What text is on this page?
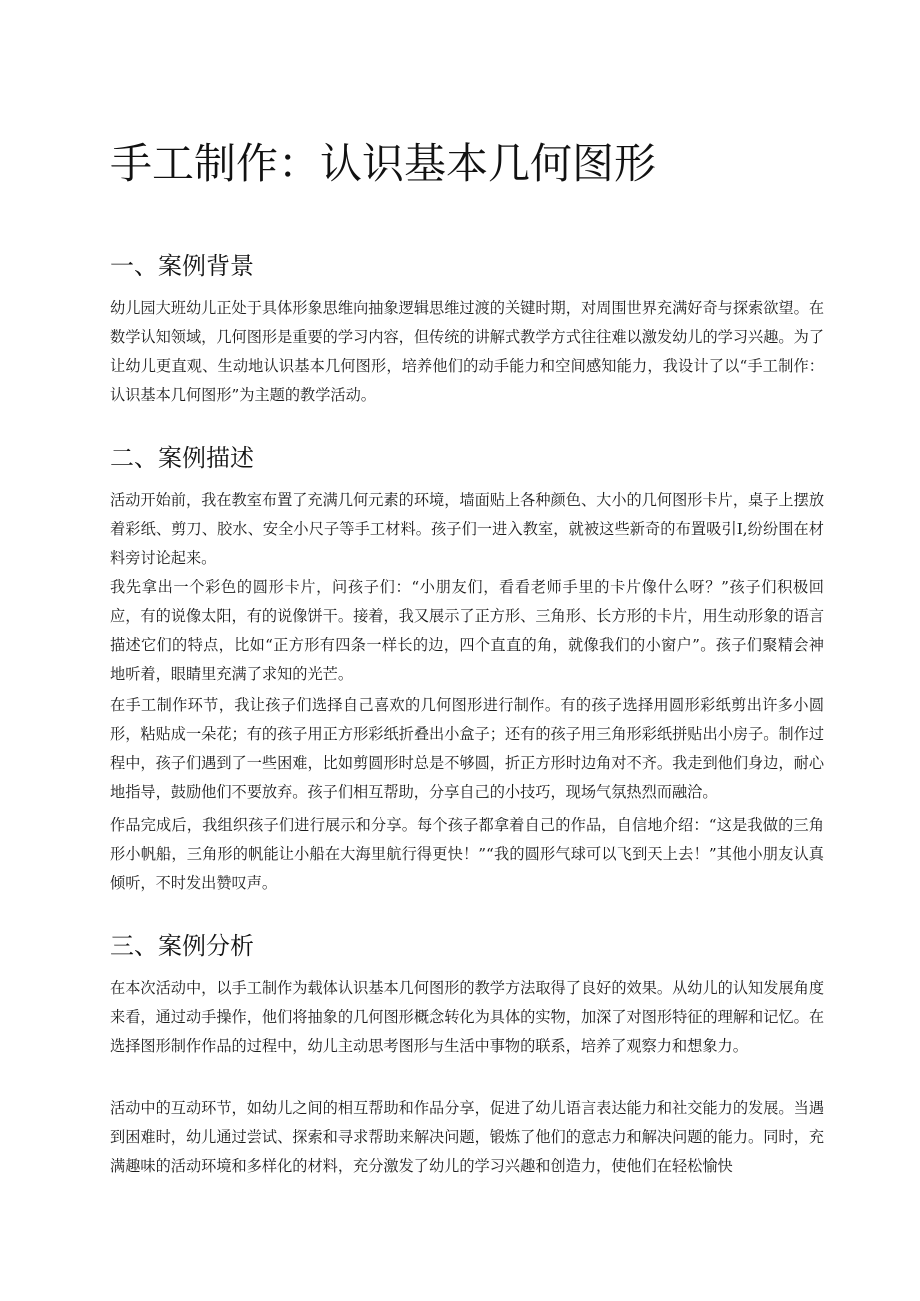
手工制作：认识基本几何图形
一、案例背景

幼儿园大班幼儿正处于具体形象思维向抽象逻辑思维过渡的关键时期，对周围世界充满好奇与探索欲望。在数学认知领域，几何图形是重要的学习内容，但传统的讲解式教学方式往往难以激发幼儿的学习兴趣。为了让幼儿更直观、生动地认识基本几何图形，培养他们的动手能力和空间感知能力，我设计了以“手工制作：认识基本几何图形”为主题的教学活动。

二、案例描述

活动开始前，我在教室布置了充满几何元素的环境，墙面贴上各种颜色、大小的几何图形卡片，桌子上摆放着彩纸、剪刀、胶水、安全小尺子等手工材料。孩子们一进入教室，就被这些新奇的布置吸引I,纷纷围在材料旁讨论起来。

我先拿出一个彩色的圆形卡片，问孩子们：“小朋友们，看看老师手里的卡片像什么呀？”孩子们积极回应，有的说像太阳，有的说像饼干。接着，我又展示了正方形、三角形、长方形的卡片，用生动形象的语言描述它们的特点，比如“正方形有四条一样长的边，四个直直的角，就像我们的小窗户”。孩子们聚精会神地听着，眼睛里充满了求知的光芒。

在手工制作环节，我让孩子们选择自己喜欢的几何图形进行制作。有的孩子选择用圆形彩纸剪出许多小圆形，粘贴成一朵花；有的孩子用正方形彩纸折叠出小盒子；还有的孩子用三角形彩纸拼贴出小房子。制作过程中，孩子们遇到了一些困难，比如剪圆形时总是不够圆，折正方形时边角对不齐。我走到他们身边，耐心地指导，鼓励他们不要放弃。孩子们相互帮助，分享自己的小技巧，现场气氛热烈而融洽。

作品完成后，我组织孩子们进行展示和分享。每个孩子都拿着自己的作品，自信地介绍：“这是我做的三角形小帆船，三角形的帆能让小船在大海里航行得更快！”“我的圆形气球可以飞到天上去！”其他小朋友认真倾听，不时发出赞叹声。

三、案例分析

在本次活动中，以手工制作为载体认识基本几何图形的教学方法取得了良好的效果。从幼儿的认知发展角度来看，通过动手操作，他们将抽象的几何图形概念转化为具体的实物，加深了对图形特征的理解和记忆。在选择图形制作作品的过程中，幼儿主动思考图形与生活中事物的联系，培养了观察力和想象力。

活动中的互动环节，如幼儿之间的相互帮助和作品分享，促进了幼儿语言表达能力和社交能力的发展。当遇到困难时，幼儿通过尝试、探索和寻求帮助来解决问题，锻炼了他们的意志力和解决问题的能力。同时，充满趣味的活动环境和多样化的材料，充分激发了幼儿的学习兴趣和创造力，使他们在轻松愉快
